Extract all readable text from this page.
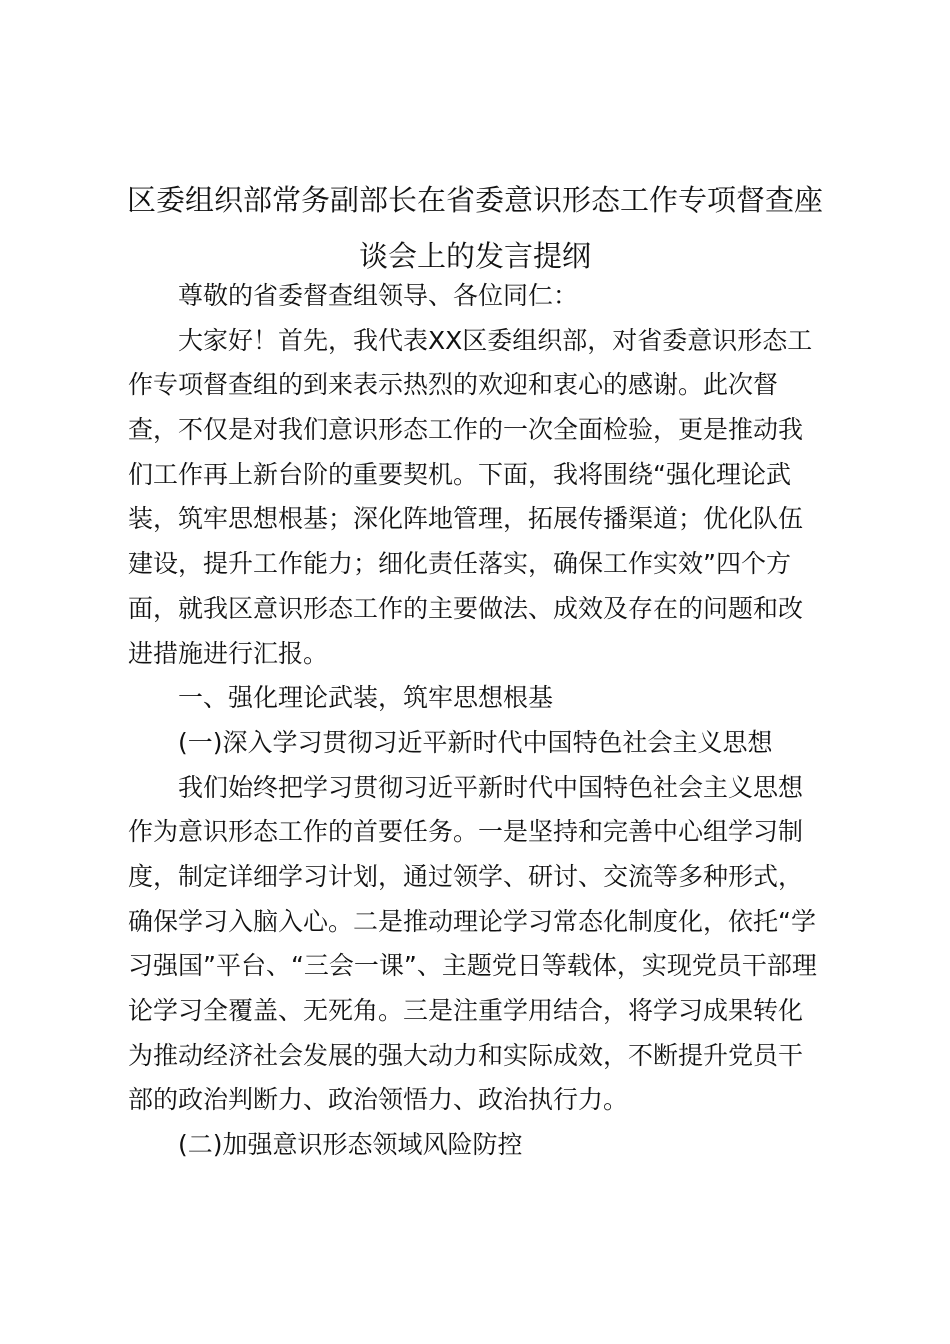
区委组织部常务副部长在省委意识形态工作专项督查座
谈会上的发言提纲
尊敬的省委督查组领导、各位同仁：
大家好！首先，我代表XX区委组织部，对省委意识形态工
作专项督查组的到来表示热烈的欢迎和衷心的感谢。此次督
查，不仅是对我们意识形态工作的一次全面检验，更是推动我
们工作再上新台阶的重要契机。下面，我将围绕“强化理论武
装，筑牢思想根基；深化阵地管理，拓展传播渠道；优化队伍
建设，提升工作能力；细化责任落实，确保工作实效”四个方
面，就我区意识形态工作的主要做法、成效及存在的问题和改
进措施进行汇报。
一、强化理论武装，筑牢思想根基
(一)深入学习贯彻习近平新时代中国特色社会主义思想
我们始终把学习贯彻习近平新时代中国特色社会主义思想
作为意识形态工作的首要任务。一是坚持和完善中心组学习制
度，制定详细学习计划，通过领学、研讨、交流等多种形式，
确保学习入脑入心。二是推动理论学习常态化制度化，依托“学
习强国”平台、“三会一课”、主题党日等载体，实现党员干部理
论学习全覆盖、无死角。三是注重学用结合，将学习成果转化
为推动经济社会发展的强大动力和实际成效，不断提升党员干
部的政治判断力、政治领悟力、政治执行力。
(二)加强意识形态领域风险防控
